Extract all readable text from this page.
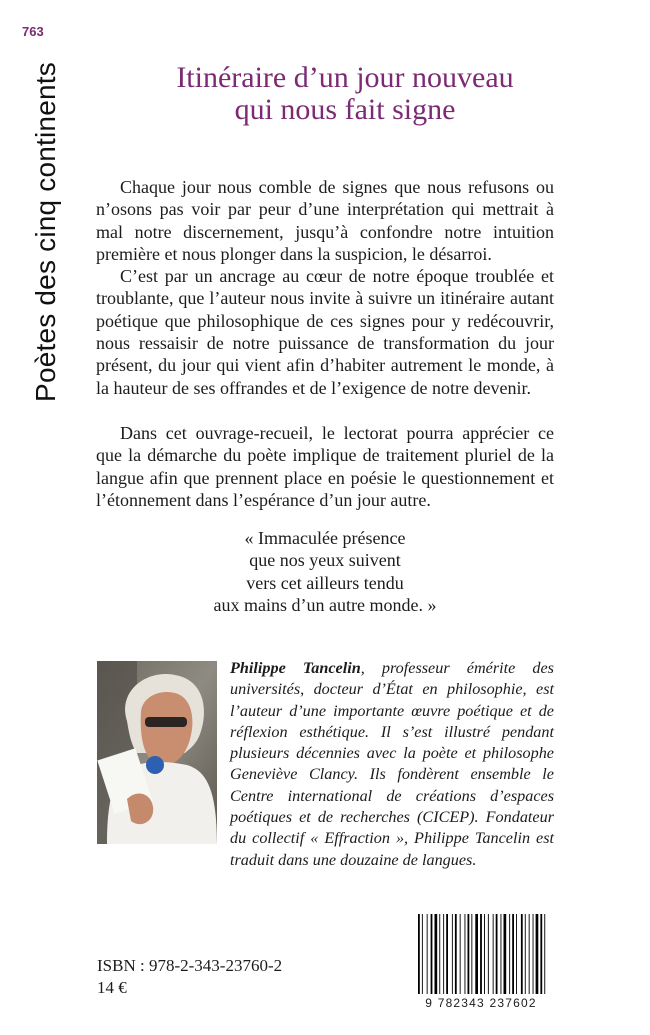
763
Poètes des cinq continents	Itinéraire d’un jour nouveau
qui nous fait signe

Chaque jour nous comble de signes que nous refusons ou n’osons pas voir par peur d’une interprétation qui mettrait à mal notre discernement, jusqu’à confondre notre intuition première et nous plonger dans la suspicion, le désarroi.

C’est par un ancrage au cœur de notre époque troublée et troublante, que l’auteur nous invite à suivre un itinéraire autant poétique que philosophique de ces signes pour y redécouvrir, nous ressaisir de notre puissance de transformation du jour présent, du jour qui vient afin d’habiter autrement le monde, à la hauteur de ses offrandes et de l’exigence de notre devenir.

Dans cet ouvrage-recueil, le lectorat pourra apprécier ce que la démarche du poète implique de traitement pluriel de la langue afin que prennent place en poésie le questionnement et l’étonnement dans l’espérance d’un jour autre.

« Immaculée présence
que nos yeux suivent
vers cet ailleurs tendu
aux mains d’un autre monde. »
Philippe Tancelin, professeur émérite des universités, docteur d’État en philosophie, est l’auteur d’une importante œuvre poétique et de réflexion esthétique. Il s’est illustré pendant plusieurs décennies avec la poète et philosophe Geneviève Clancy. Ils fondèrent ensemble le Centre international de créations d’espaces poétiques et de recherches (CICEP). Fondateur du collectif « Effraction », Philippe Tancelin est traduit dans une douzaine de langues.
ISBN : 978-2-343-23760-2
14 €
9 782343 237602
